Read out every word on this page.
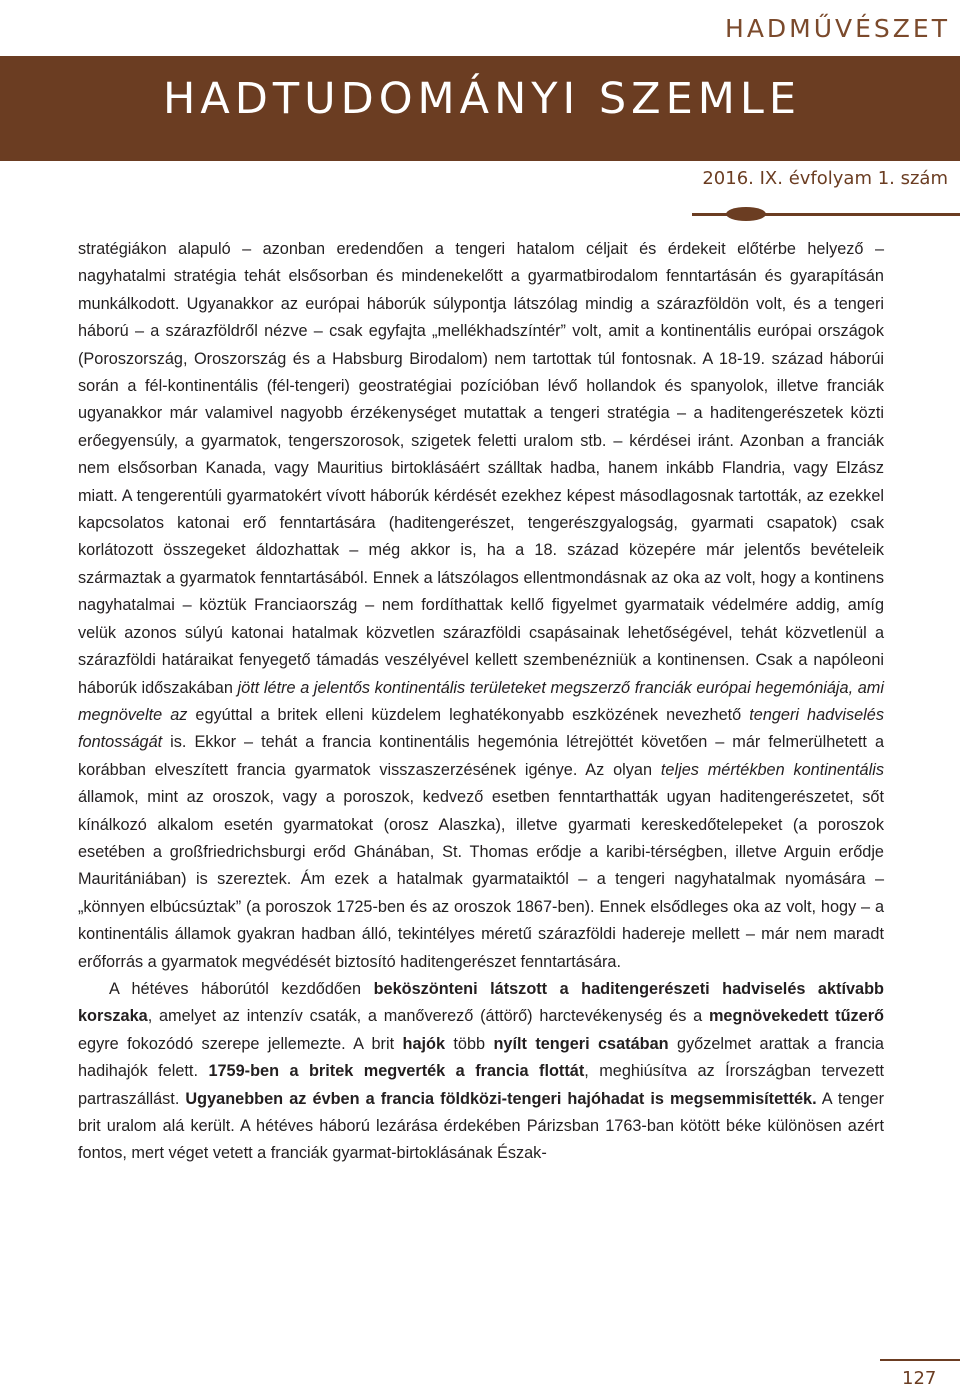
HADMŰVÉSZET
HADTUDOMÁNYI SZEMLE
2016. IX. évfolyam 1. szám

stratégiákon alapuló – azonban eredendően a tengeri hatalom céljait és érdekeit előtérbe helyező – nagyhatalmi stratégia tehát elsősorban és mindenekelőtt a gyarmatbirodalom fenntartásán és gyarapításán munkálkodott. Ugyanakkor az európai háborúk súlypontja látszólag mindig a szárazföldön volt, és a tengeri háború – a szárazföldről nézve – csak egyfajta „mellékhadszíntér” volt, amit a kontinentális európai országok (Poroszország, Oroszország és a Habsburg Birodalom) nem tartottak túl fontosnak. A 18-19. század háborúi során a fél-kontinentális (fél-tengeri) geostratégiai pozícióban lévő hollandok és spanyolok, illetve franciák ugyanakkor már valamivel nagyobb érzékenységet mutattak a tengeri stratégia – a haditengerészetek közti erőegyensúly, a gyarmatok, tengerszorosok, szigetek feletti uralom stb. – kérdései iránt. Azonban a franciák nem elsősorban Kanada, vagy Mauritius birtoklásáért szálltak hadba, hanem inkább Flandria, vagy Elzász miatt. A tengerentúli gyarmatokért vívott háborúk kérdését ezekhez képest másodlagosnak tartották, az ezekkel kapcsolatos katonai erő fenntartására (haditengerészet, tengerészgyalogság, gyarmati csapatok) csak korlátozott összegeket áldozhattak – még akkor is, ha a 18. század közepére már jelentős bevételeik származtak a gyarmatok fenntartásából. Ennek a látszólagos ellentmondásnak az oka az volt, hogy a kontinens nagyhatalmai – köztük Franciaország – nem fordíthattak kellő figyelmet gyarmataik védelmére addig, amíg velük azonos súlyú katonai hatalmak közvetlen szárazföldi csapásainak lehetőségével, tehát közvetlenül a szárazföldi határaikat fenyegető támadás veszélyével kellett szembenézniük a kontinensen. Csak a napóleoni háborúk időszakában jött létre a jelentős kontinentális területeket megszerző franciák európai hegemóniája, ami megnövelte az egyúttal a britek elleni küzdelem leghatékonyabb eszközének nevezhető tengeri hadviselés fontosságát is. Ekkor – tehát a francia kontinentális hegemónia létrejöttét követően – már felmerülhetett a korábban elveszített francia gyarmatok visszaszerzésének igénye. Az olyan teljes mértékben kontinentális államok, mint az oroszok, vagy a poroszok, kedvező esetben fenntarthatták ugyan haditengerészetet, sőt kínálkozó alkalom esetén gyarmatokat (orosz Alaszka), illetve gyarmati kereskedőtelepeket (a poroszok esetében a großfriedrichsburgi erőd Ghánában, St. Thomas erődje a karibi-térségben, illetve Arguin erődje Mauritániában) is szereztek. Ám ezek a hatalmak gyarmataiktól – a tengeri nagyhatalmak nyomására – „könnyen elbúcsúztak” (a poroszok 1725-ben és az oroszok 1867-ben). Ennek elsődleges oka az volt, hogy – a kontinentális államok gyakran hadban álló, tekintélyes méretű szárazföldi hadereje mellett – már nem maradt erőforrás a gyarmatok megvédését biztosító haditengerészet fenntartására.

A hétéves háborútól kezdődően beköszönteni látszott a haditengerészeti hadviselés aktívabb korszaka, amelyet az intenzív csaták, a manőverező (áttörő) harctevékenység és a megnövekedett tűzerő egyre fokozódó szerepe jellemezte. A brit hajók több nyílt tengeri csatában győzelmet arattak a francia hadihajók felett. 1759-ben a britek megverték a francia flottát, meghiúsítva az Írországban tervezett partraszállást. Ugyanebben az évben a francia földközi-tengeri hajóhadat is megsemmisítették. A tenger brit uralom alá került. A hétéves háború lezárása érdekében Párizsban 1763-ban kötött béke különösen azért fontos, mert véget vetett a franciák gyarmat-birtoklásának Észak-

127
